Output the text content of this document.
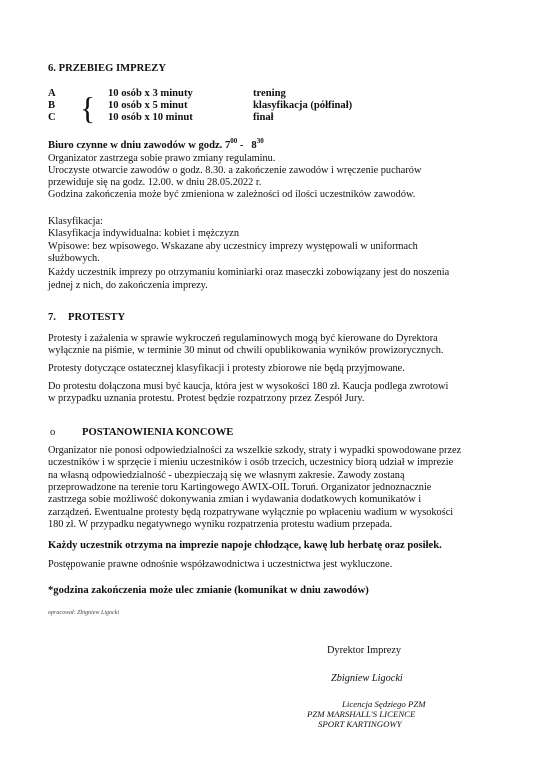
6. PRZEBIEG IMPREZY
A	10 osób x 3 minuty	trening
B	10 osób x 5 minut	klasyfikacja (półfinał)
C	10 osób x 10 minut	finał
{
Biuro czynne w dniu zawodów w godz. $7^{00} - 8^{30}$
Organizator zastrzega sobie prawo zmiany regulaminu.
Uroczyste otwarcie zawodów o godz. 8.30. a zakończenie zawodów i wręczenie pucharów
przewiduje się na godz. 12.00. w dniu 28.05.2022 r.
Godzina zakończenia może być zmieniona w zależności od ilości uczestników zawodów.
Klasyfikacja:
Klasyfikacja indywidualna: kobiet i mężczyzn
Wpisowe: bez wpisowego. Wskazane aby uczestnicy imprezy występowali w uniformach
służbowych.
Każdy uczestnik imprezy po otrzymaniu kominiarki oraz maseczki zobowiązany jest do noszenia
jednej z nich, do zakończenia imprezy.
7. PROTESTY
Protesty i zażalenia w sprawie wykroczeń regulaminowych mogą być kierowane do Dyrektora
wyłącznie na piśmie, w terminie 30 minut od chwili opublikowania wyników prowizorycznych.
Protesty dotyczące ostatecznej klasyfikacji i protesty zbiorowe nie będą przyjmowane.
Do protestu dołączona musi być kaucja, która jest w wysokości 180 zł. Kaucja podlega zwrotowi
w przypadku uznania protestu. Protest będzie rozpatrzony przez Zespół Jury.
o	POSTANOWIENIA KONCOWE
Organizator nie ponosi odpowiedzialności za wszelkie szkody, straty i wypadki spowodowane przez
uczestników i w sprzęcie i mieniu uczestników i osób trzecich, uczestnicy biorą udział w imprezie
na własną odpowiedzialność - ubezpieczają się we własnym zakresie. Zawody zostaną
przeprowadzone na terenie toru Kartingowego AWIX-OIL Toruń. Organizator jednoznacznie
zastrzega sobie możliwość dokonywania zmian i wydawania dodatkowych komunikatów i
zarządzeń. Ewentualne protesty będą rozpatrywane wyłącznie po wpłaceniu wadium w wysokości
180 zł. W przypadku negatywnego wyniku rozpatrzenia protestu wadium przepada.
Każdy uczestnik otrzyma na imprezie napoje chłodzące, kawę lub herbatę oraz posiłek.
Postępowanie prawne odnośnie współzawodnictwa i uczestnictwa jest wykluczone.
*godzina zakończenia może ulec zmianie (komunikat w dniu zawodów)
opracował: Zbigniew Ligocki
Dyrektor Imprezy
Zbigniew Ligocki
Licencja Sędziego PZM
PZM MARSHALL'S LICENCE
SPORT KARTINGOWY
